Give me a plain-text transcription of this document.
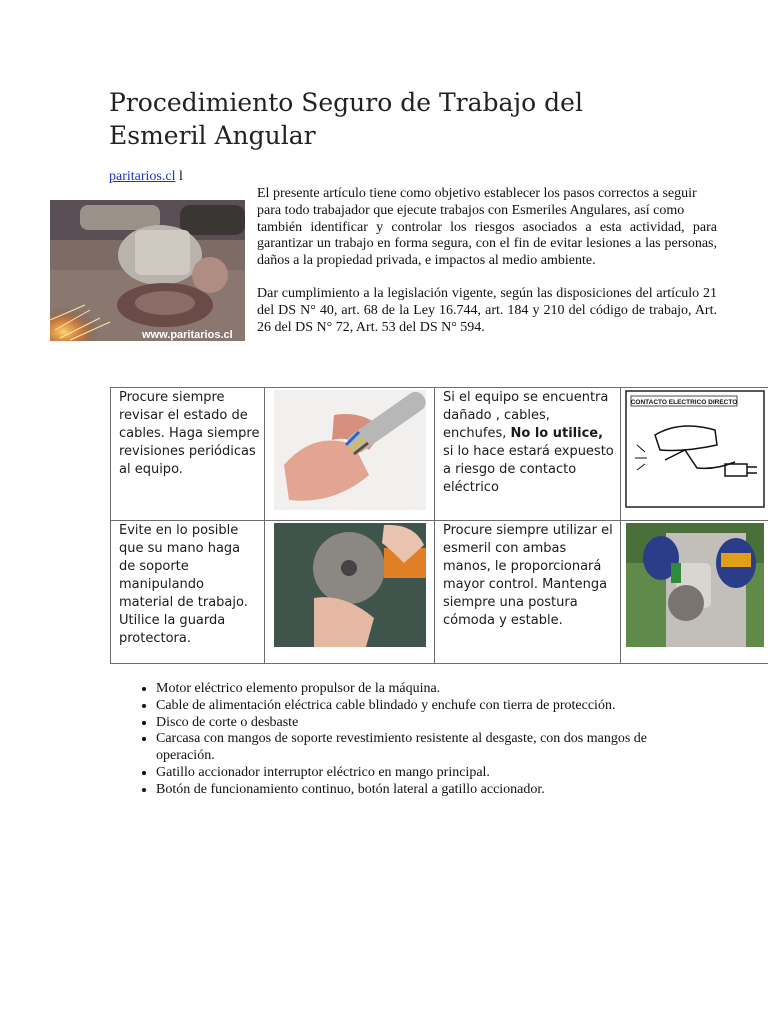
Procedimiento Seguro de Trabajo del Esmeril Angular
paritarios.cl l
www.paritarios.cl

El presente artículo tiene como objetivo establecer los pasos correctos a seguir para todo trabajador que ejecute trabajos con Esmeriles Angulares, así como

también identificar y controlar los riesgos asociados a esta actividad, para garantizar un trabajo en forma segura, con el fin de evitar lesiones a las personas, daños a la propiedad privada, e impactos al medio ambiente.

Dar cumplimiento a la legislación vigente, según las disposiciones del artículo 21 del DS N° 40, art. 68 de la Ley 16.744, art. 184 y 210 del código de trabajo, Art. 26 del DS N° 72, Art. 53 del DS N° 594.

Procure siempre revisar el estado de cables. Haga siempre revisiones periódicas al equipo.		Si el equipo se encuentra dañado , cables, enchufes, No lo utilice, si lo hace estará expuesto a riesgo de contacto eléctrico	CONTACTO ELECTRICO DIRECTO

Evite en lo posible que su mano haga de soporte manipulando material de trabajo. Utilice la guarda protectora.		Procure siempre utilizar el esmeril con ambas manos, le proporcionará mayor control. Mantenga siempre una postura cómoda y estable.

• Motor eléctrico elemento propulsor de la máquina.
• Cable de alimentación eléctrica cable blindado y enchufe con tierra de protección.
• Disco de corte o desbaste
• Carcasa con mangos de soporte revestimiento resistente al desgaste, con dos mangos de operación.
• Gatillo accionador interruptor eléctrico en mango principal.
• Botón de funcionamiento continuo, botón lateral a gatillo accionador.
